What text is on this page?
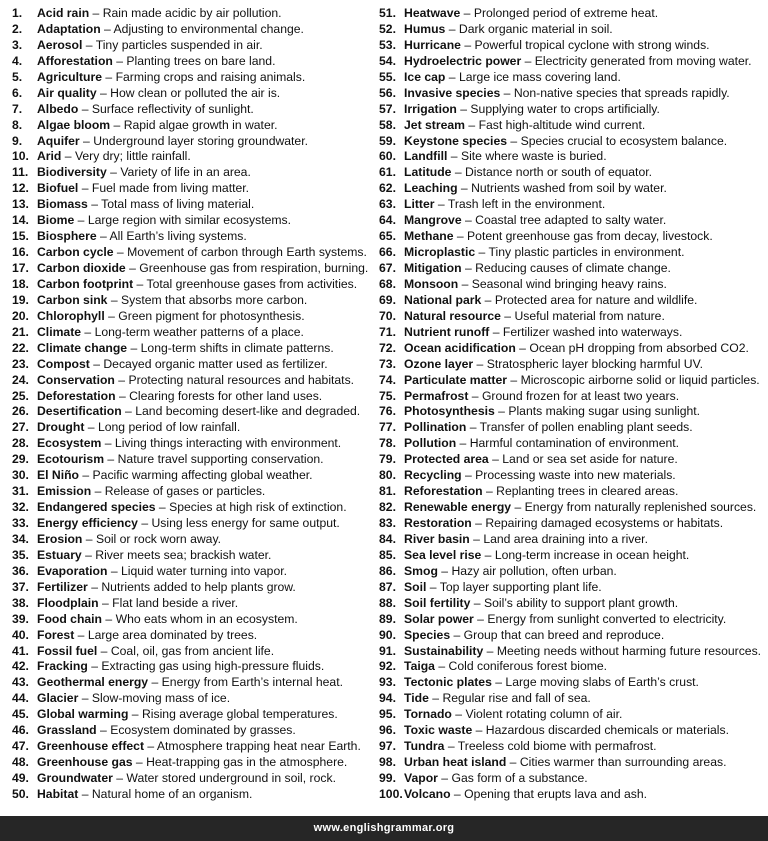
1. Acid rain – Rain made acidic by air pollution.
2. Adaptation – Adjusting to environmental change.
3. Aerosol – Tiny particles suspended in air.
4. Afforestation – Planting trees on bare land.
5. Agriculture – Farming crops and raising animals.
6. Air quality – How clean or polluted the air is.
7. Albedo – Surface reflectivity of sunlight.
8. Algae bloom – Rapid algae growth in water.
9. Aquifer – Underground layer storing groundwater.
10. Arid – Very dry; little rainfall.
11. Biodiversity – Variety of life in an area.
12. Biofuel – Fuel made from living matter.
13. Biomass – Total mass of living material.
14. Biome – Large region with similar ecosystems.
15. Biosphere – All Earth’s living systems.
16. Carbon cycle – Movement of carbon through Earth systems.
17. Carbon dioxide – Greenhouse gas from respiration, burning.
18. Carbon footprint – Total greenhouse gases from activities.
19. Carbon sink – System that absorbs more carbon.
20. Chlorophyll – Green pigment for photosynthesis.
21. Climate – Long-term weather patterns of a place.
22. Climate change – Long-term shifts in climate patterns.
23. Compost – Decayed organic matter used as fertilizer.
24. Conservation – Protecting natural resources and habitats.
25. Deforestation – Clearing forests for other land uses.
26. Desertification – Land becoming desert-like and degraded.
27. Drought – Long period of low rainfall.
28. Ecosystem – Living things interacting with environment.
29. Ecotourism – Nature travel supporting conservation.
30. El Niño – Pacific warming affecting global weather.
31. Emission – Release of gases or particles.
32. Endangered species – Species at high risk of extinction.
33. Energy efficiency – Using less energy for same output.
34. Erosion – Soil or rock worn away.
35. Estuary – River meets sea; brackish water.
36. Evaporation – Liquid water turning into vapor.
37. Fertilizer – Nutrients added to help plants grow.
38. Floodplain – Flat land beside a river.
39. Food chain – Who eats whom in an ecosystem.
40. Forest – Large area dominated by trees.
41. Fossil fuel – Coal, oil, gas from ancient life.
42. Fracking – Extracting gas using high-pressure fluids.
43. Geothermal energy – Energy from Earth’s internal heat.
44. Glacier – Slow-moving mass of ice.
45. Global warming – Rising average global temperatures.
46. Grassland – Ecosystem dominated by grasses.
47. Greenhouse effect – Atmosphere trapping heat near Earth.
48. Greenhouse gas – Heat-trapping gas in the atmosphere.
49. Groundwater – Water stored underground in soil, rock.
50. Habitat – Natural home of an organism.
51. Heatwave – Prolonged period of extreme heat.
52. Humus – Dark organic material in soil.
53. Hurricane – Powerful tropical cyclone with strong winds.
54. Hydroelectric power – Electricity generated from moving water.
55. Ice cap – Large ice mass covering land.
56. Invasive species – Non-native species that spreads rapidly.
57. Irrigation – Supplying water to crops artificially.
58. Jet stream – Fast high-altitude wind current.
59. Keystone species – Species crucial to ecosystem balance.
60. Landfill – Site where waste is buried.
61. Latitude – Distance north or south of equator.
62. Leaching – Nutrients washed from soil by water.
63. Litter – Trash left in the environment.
64. Mangrove – Coastal tree adapted to salty water.
65. Methane – Potent greenhouse gas from decay, livestock.
66. Microplastic – Tiny plastic particles in environment.
67. Mitigation – Reducing causes of climate change.
68. Monsoon – Seasonal wind bringing heavy rains.
69. National park – Protected area for nature and wildlife.
70. Natural resource – Useful material from nature.
71. Nutrient runoff – Fertilizer washed into waterways.
72. Ocean acidification – Ocean pH dropping from absorbed CO2.
73. Ozone layer – Stratospheric layer blocking harmful UV.
74. Particulate matter – Microscopic airborne solid or liquid particles.
75. Permafrost – Ground frozen for at least two years.
76. Photosynthesis – Plants making sugar using sunlight.
77. Pollination – Transfer of pollen enabling plant seeds.
78. Pollution – Harmful contamination of environment.
79. Protected area – Land or sea set aside for nature.
80. Recycling – Processing waste into new materials.
81. Reforestation – Replanting trees in cleared areas.
82. Renewable energy – Energy from naturally replenished sources.
83. Restoration – Repairing damaged ecosystems or habitats.
84. River basin – Land area draining into a river.
85. Sea level rise – Long-term increase in ocean height.
86. Smog – Hazy air pollution, often urban.
87. Soil – Top layer supporting plant life.
88. Soil fertility – Soil’s ability to support plant growth.
89. Solar power – Energy from sunlight converted to electricity.
90. Species – Group that can breed and reproduce.
91. Sustainability – Meeting needs without harming future resources.
92. Taiga – Cold coniferous forest biome.
93. Tectonic plates – Large moving slabs of Earth’s crust.
94. Tide – Regular rise and fall of sea.
95. Tornado – Violent rotating column of air.
96. Toxic waste – Hazardous discarded chemicals or materials.
97. Tundra – Treeless cold biome with permafrost.
98. Urban heat island – Cities warmer than surrounding areas.
99. Vapor – Gas form of a substance.
100.Volcano – Opening that erupts lava and ash.
www.englishgrammar.org
